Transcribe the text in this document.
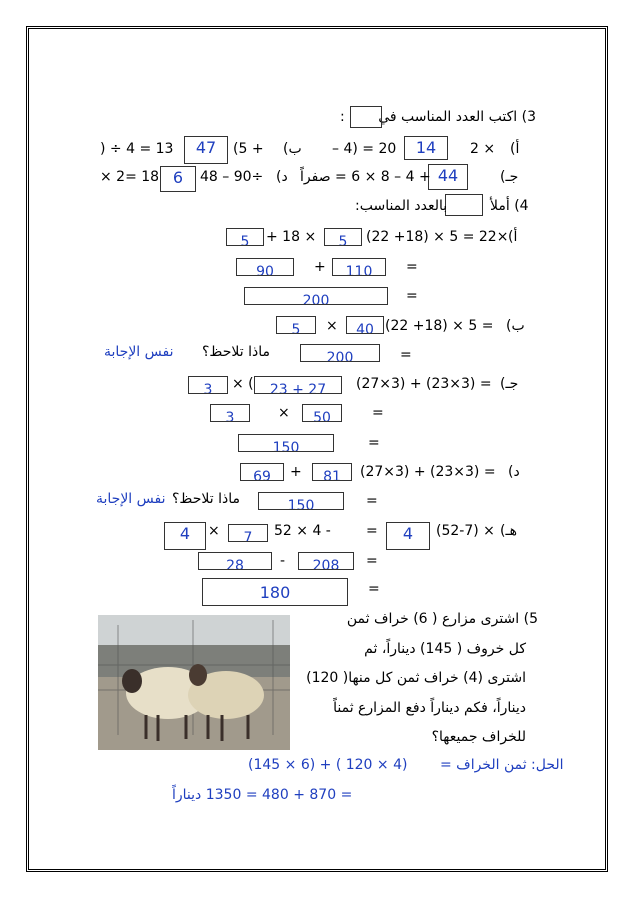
3) اكتب العدد المناسب في
:
أ)
2 ×
14
– 4) = 20
ب)
(5 +
47
) ÷ 4 = 13
جـ)
44
+ 4 – 8 × 6 = صفراً
د)
48 – 90÷
6
× 2= 18
4) أملأ
بالعدد المناسب:
أ)
(22 +18) × 5 = 22×
5
+ 18 ×
5
=
110
+
90
=
200
ب)
(22 +18) × 5 =
40
×
5
=
200
ماذا تلاحظ؟
نفس الإجابة
جـ)
(27×3) + (23×3) =
23 + 27
× (
3
=
50
×
3
=
150
د)
(27×3) + (23×3) =
81
+
69
=
150
ماذا تلاحظ؟
نفس الإجابة
هـ)
(52-7) ×
4
=
52 × 4 -
7
×
4
=
208
-
28
=
180
5) اشترى مزارع ( 6) خراف ثمن
كل خروف ( 145) ديناراً، ثم
اشترى (4) خراف ثمن كل منها( 120)
ديناراً، فكم ديناراً دفع المزارع ثمناً
للخراف جميعها؟
الحل: ثمن الخراف =
(145 × 6) + ( 120 × 4)
= 870 + 480 = 1350 ديناراً
